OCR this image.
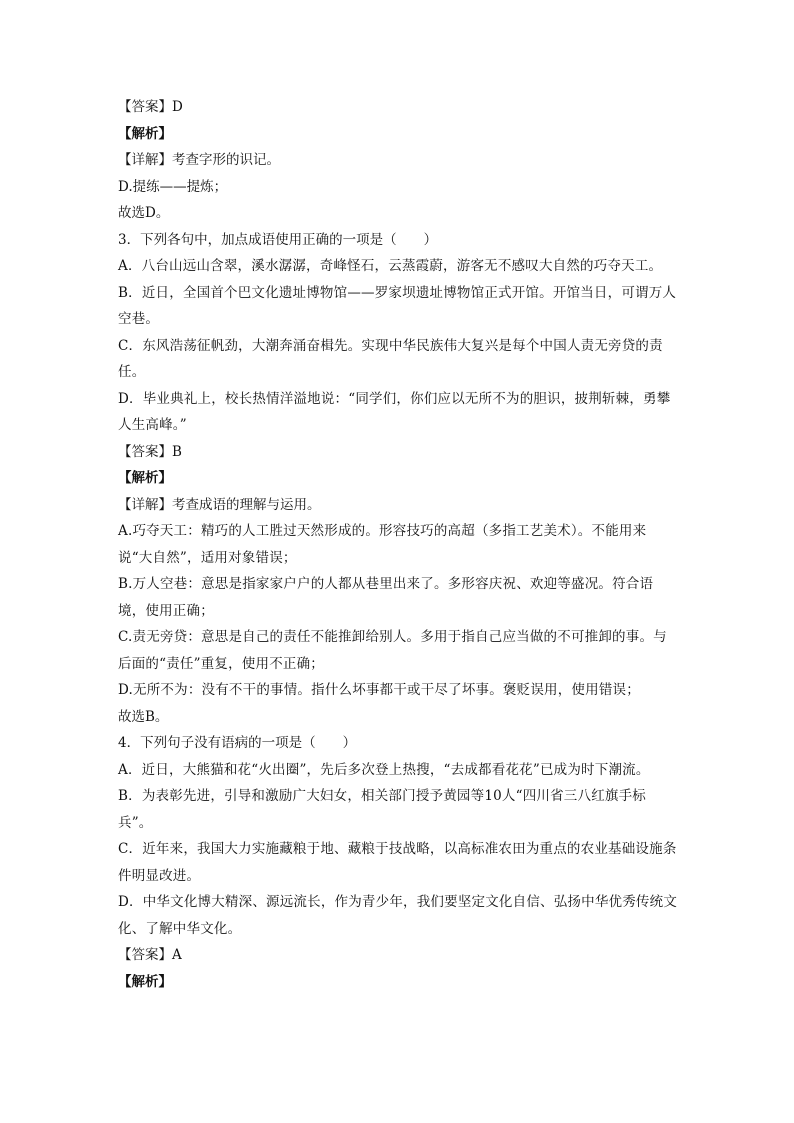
【答案】D
【解析】
【详解】考查字形的识记。
D.提练——提炼；
故选D。
3．下列各句中，加点成语使用正确的一项是（　　）
A．八台山远山含翠，溪水潺潺，奇峰怪石，云蒸霞蔚，游客无不感叹大自然的巧夺天工。
B．近日，全国首个巴文化遗址博物馆——罗家坝遗址博物馆正式开馆。开馆当日，可谓万人空巷。
C．东风浩荡征帆劲，大潮奔涌奋楫先。实现中华民族伟大复兴是每个中国人责无旁贷的责任。
D．毕业典礼上，校长热情洋溢地说：“同学们，你们应以无所不为的胆识，披荆斩棘，勇攀人生高峰。”
【答案】B
【解析】
【详解】考查成语的理解与运用。
A.巧夺天工：精巧的人工胜过天然形成的。形容技巧的高超（多指工艺美术）。不能用来说“大自然”，适用对象错误；
B.万人空巷：意思是指家家户户的人都从巷里出来了。多形容庆祝、欢迎等盛况。符合语境，使用正确；
C.责无旁贷：意思是自己的责任不能推卸给别人。多用于指自己应当做的不可推卸的事。与后面的“责任”重复，使用不正确；
D.无所不为：没有不干的事情。指什么坏事都干或干尽了坏事。褒贬误用，使用错误；
故选B。
4．下列句子没有语病的一项是（　　）
A．近日，大熊猫和花“火出圈”，先后多次登上热搜，“去成都看花花”已成为时下潮流。
B．为表彰先进，引导和激励广大妇女，相关部门授予黄园等10人“四川省三八红旗手标兵”。
C．近年来，我国大力实施藏粮于地、藏粮于技战略，以高标准农田为重点的农业基础设施条件明显改进。
D．中华文化博大精深、源远流长，作为青少年，我们要坚定文化自信、弘扬中华优秀传统文化、了解中华文化。
【答案】A
【解析】
